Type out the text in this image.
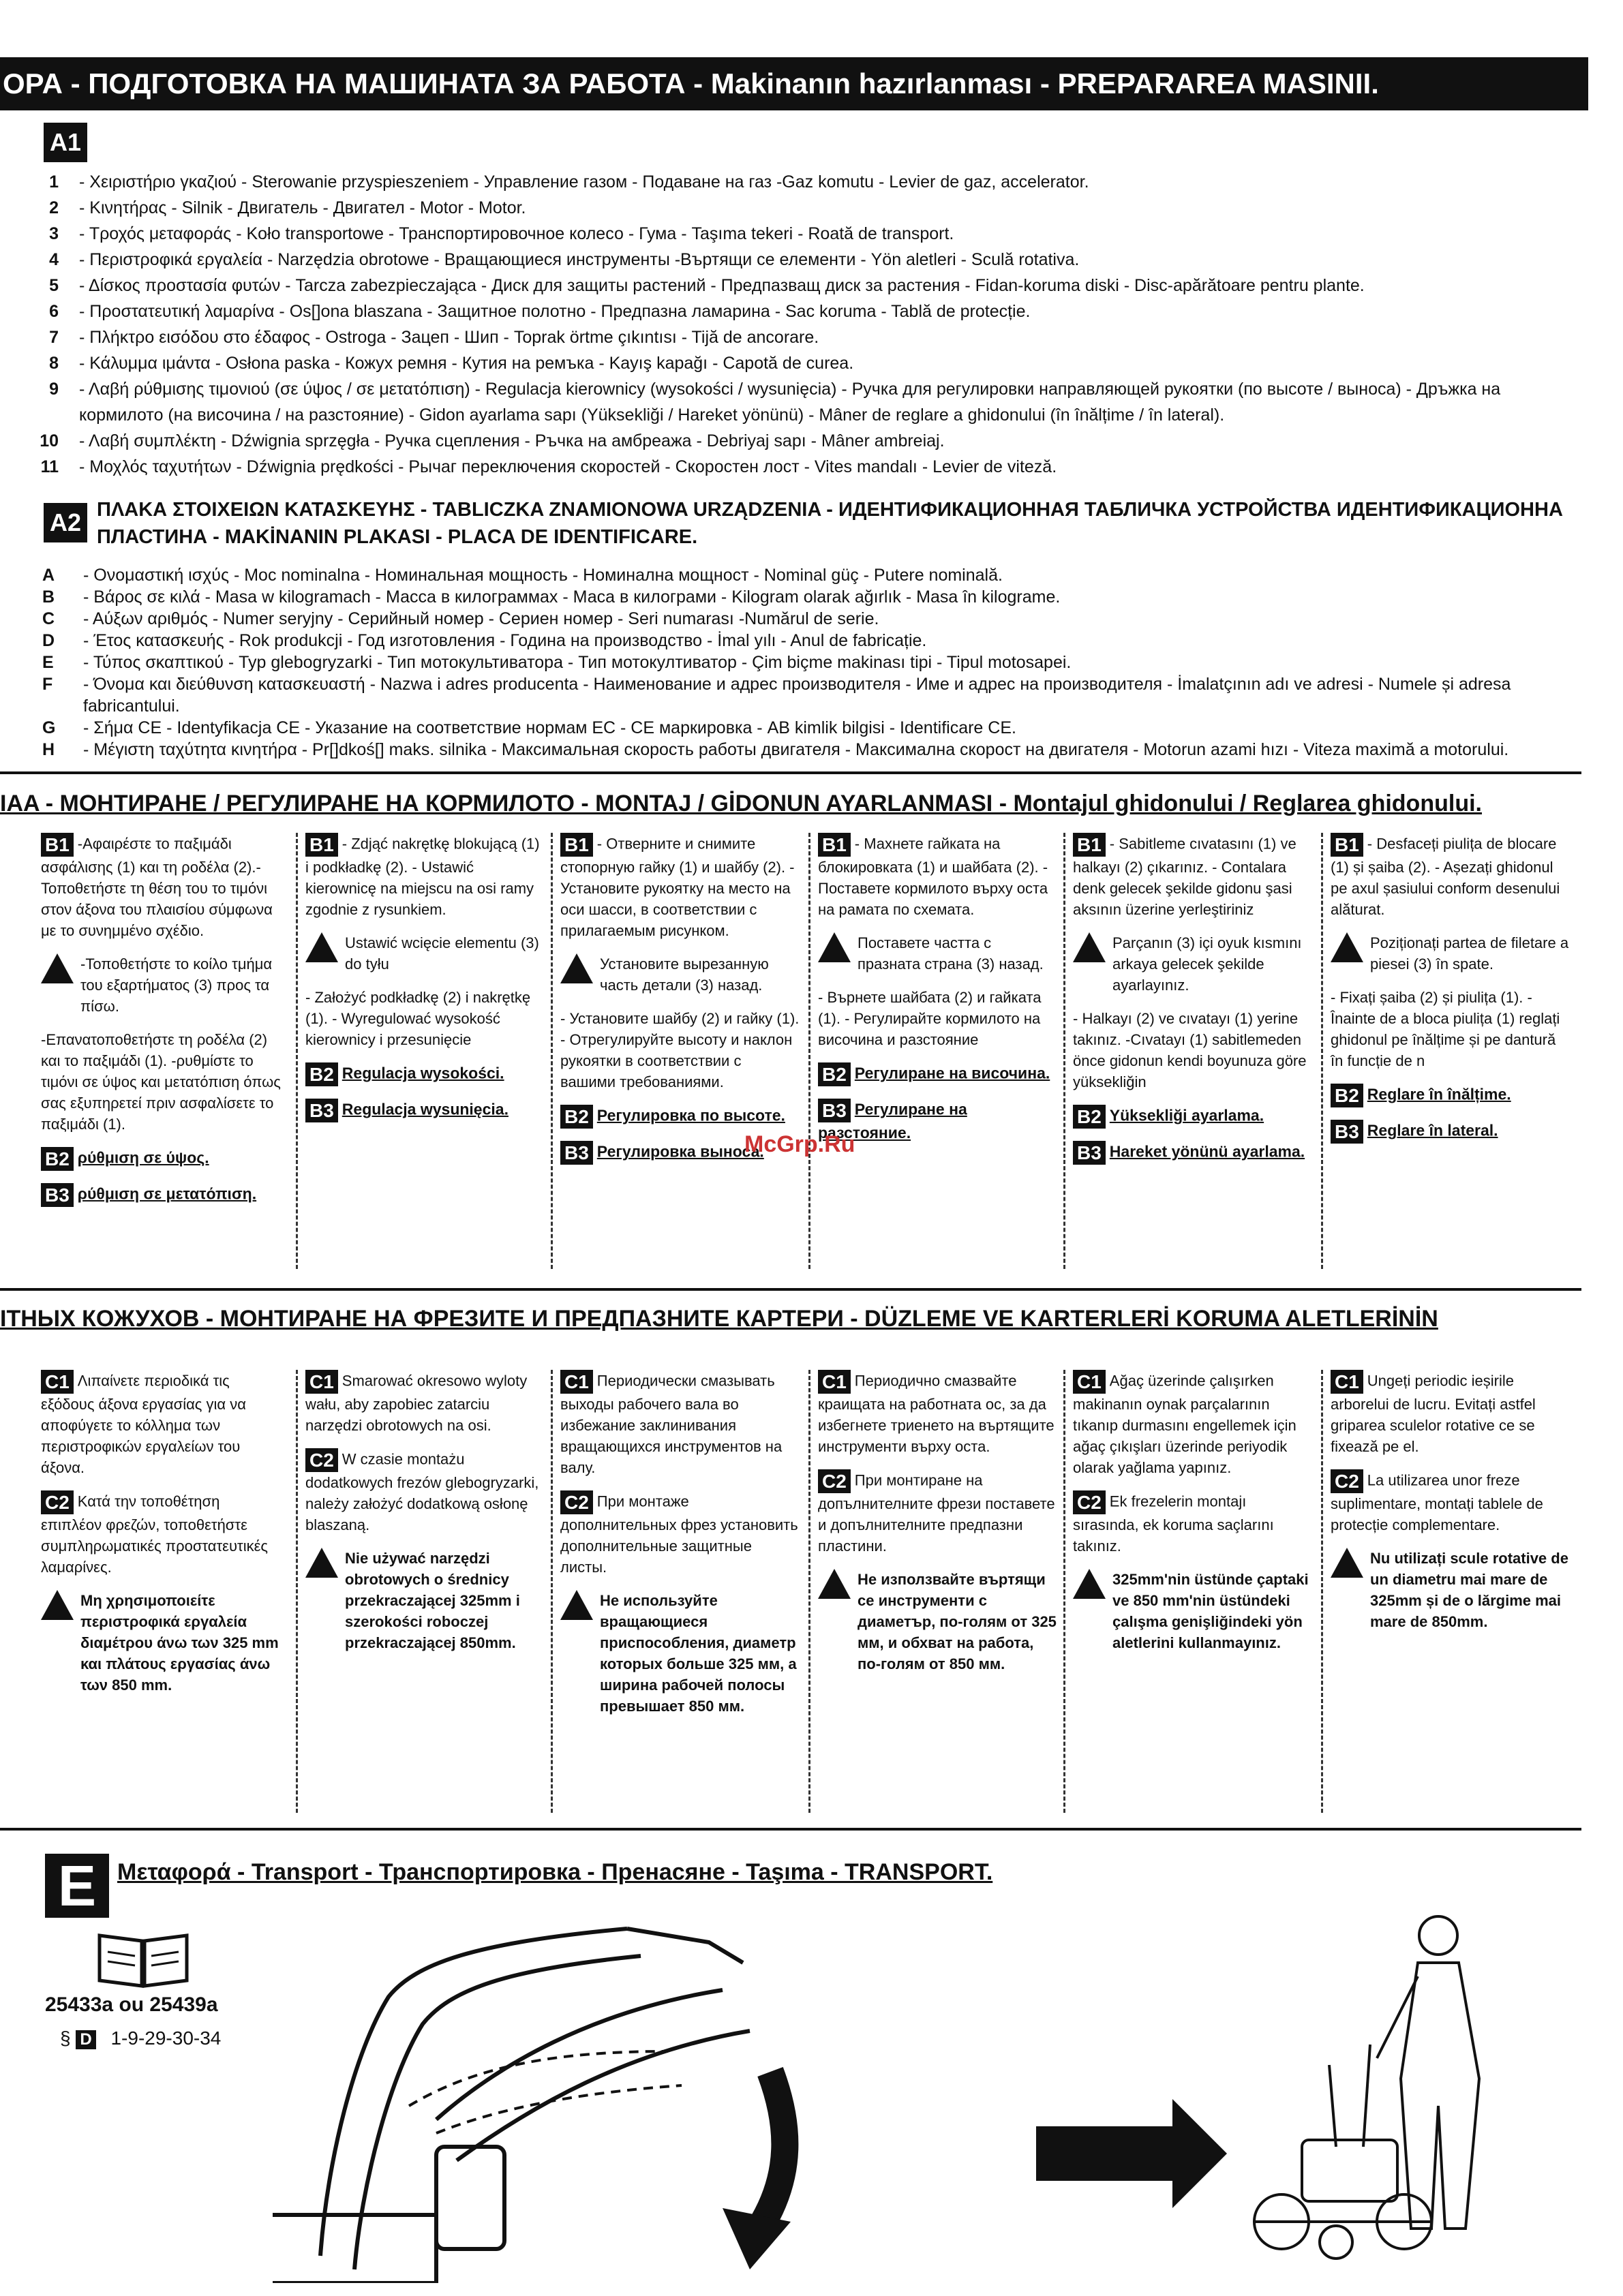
ΟΡΑ - ПОДГОТОВКА НА МАШИНАТА ЗА РАБОТА - Makinanın hazırlanması - PREPARAREA MASINII.
A1
1	- Χειριστήριο γκαζιού - Sterowanie przyspieszeniem - Управление газом - Подаване на газ -Gaz komutu - Levier de gaz, accelerator.
2	- Κινητήρας - Silnik - Двигатель - Двигател - Motor - Motor.
3	- Τροχός μεταφοράς - Koło transportowe - Транспортировочное колесо - Гума - Taşıma tekeri - Roată de transport.
4	- Περιστροφικά εργαλεία - Narzędzia obrotowe - Вращающиеся инструменты -Въртящи се елементи - Yön aletleri - Sculă rotativa.
5	- Δίσκος προστασία φυτών - Tarcza zabezpieczająca - Диск для защиты растений - Предпазващ диск за растения - Fidan-koruma diski - Disc-apărătoare pentru plante.
6	- Προστατευτική λαμαρίνα - Os[]ona blaszana - Защитное полотно - Предпазна ламарина - Sac koruma - Tablă de protecție.
7	- Πλήκτρο εισόδου στο έδαφος - Ostroga - Зацеп - Шип - Toprak örtme çıkıntısı - Tijă de ancorare.
8	- Κάλυμμα ιμάντα - Osłona paska - Кожух ремня - Кутия на ремъка - Kayış kapağı - Capotă de curea.
9	- Λαβή ρύθμισης τιμονιού (σε ύψος / σε μετατόπιση) - Regulacja kierownicy (wysokości / wysunięcia) - Ручка для регулировки направляющей рукоятки (по высоте / выноса) - Дръжка на кормилото (на височина / на разстояние) - Gidon ayarlama sapı (Yüksekliği / Hareket yönünü) - Mâner de reglare a ghidonului (în înălțime / în lateral).
10	- Λαβή συμπλέκτη - Dźwignia sprzęgła - Ручка сцепления - Ръчка на амбреажа - Debriyaj sapı - Mâner ambreiaj.
11	- Μοχλός ταχυτήτων - Dźwignia prędkości - Рычаг переключения скоростей - Скоростен лост - Vites mandalı - Levier de viteză.
A2 ΠΛΑΚΑ ΣΤΟΙΧΕΙΩΝ ΚΑΤΑΣΚΕΥΗΣ - TABLICZKA ZNAMIONOWA URZĄDZENIA - ИДЕНТИФИКАЦИОННАЯ ТАБЛИЧКА УСТРОЙСТВА ИДЕНТИФИКАЦИОННА ПЛАСТИНА - MAKİNANIN PLAKASI - PLACA DE IDENTIFICARE.
A	- Ονομαστική ισχύς - Moc nominalna - Номинальная мощность - Номинална мощност - Nominal güç - Putere nominală.
B	- Βάρος σε κιλά - Masa w kilogramach - Масса в килограммах - Маса в килограми - Kilogram olarak ağırlık - Masa în kilograme.
C	- Αύξων αριθμός - Numer seryjny - Серийный номер - Сериен номер - Seri numarası -Numărul de serie.
D	- Έτος κατασκευής - Rok produkcji - Год изготовления - Година на производство - İmal yılı - Anul de fabricație.
E	- Τύπος σκαπτικού - Typ glebogryzarki - Тип мотокультиватора - Тип мотокултиватор - Çim biçme makinası tipi - Tipul motosapei.
F	- Όνομα και διεύθυνση κατασκευαστή - Nazwa i adres producenta - Наименование и адрес производителя - Име и адрес на производителя - İmalatçının adı ve adresi - Numele și adresa fabricantului.
G	- Σήμα CE - Identyfikacja CE - Указание на соответствие нормам ЕС - CE маркировка - AB kimlik bilgisi - Identificare CE.
H	- Μέγιστη ταχύτητα κινητήρα - Pr[]dkoś[] maks. silnika - Максимальная скорость работы двигателя - Максимална скорост на двигателя - Motorun azami hızı - Viteza maximă a motorului.
IAA - МОНТИРАНЕ / РЕГУЛИРАНЕ НА КОРМИЛОТО - MONTAJ / GİDONUN AYARLANMASI - Montajul ghidonului / Reglarea ghidonului.
B1 -Αφαιρέστε το παξιμάδι ασφάλισης (1) και τη ροδέλα (2).- Τοποθετήστε τη θέση του το τιμόνι στον άξονα του πλαισίου σύμφωνα με το συνημμένο σχέδιο.
-Τοποθετήστε το κοίλο τμήμα του εξαρτήματος (3) προς τα πίσω.
-Επανατοποθετήστε τη ροδέλα (2) και το παξιμάδι (1). -ρυθμίστε το τιμόνι σε ύψος και μετατόπιση όπως σας εξυπηρετεί πριν ασφαλίσετε το παξιμάδι (1).
B2 ρύθμιση σε ύψος.
B3 ρύθμιση σε μετατόπιση.
B1 - Zdjąć nakrętkę blokującą (1) i podkładkę (2). - Ustawić kierownicę na miejscu na osi ramy zgodnie z rysunkiem.
Ustawić wcięcie elementu (3) do tyłu
- Założyć podkładkę (2) i nakrętkę (1). - Wyregulować wysokość kierownicy i przesunięcie
B2 Regulacja wysokości.
B3 Regulacja wysunięcia.
B1 - Отверните и снимите стопорную гайку (1) и шайбу (2). - Установите рукоятку на место на оси шасси, в соответствии с прилагаемым рисунком.
Установите вырезанную часть детали (3) назад.
- Установите шайбу (2) и гайку (1). - Отрегулируйте высоту и наклон рукоятки в соответствии с вашими требованиями.
B2 Регулировка по высоте.
B3 Регулировка выноса.
B1 - Махнете гайката на блокировката (1) и шайбата (2). - Поставете кормилото върху оста на рамата по схемата.
Поставете частта с празната страна (3) назад.
- Върнете шайбата (2) и гайката (1). - Регулирайте кормилото на височина и разстояние
B2 Регулиране на височина.
B3 Регулиране на разстояние.
B1 - Sabitleme cıvatasını (1) ve halkayı (2) çıkarınız. - Contalara denk gelecek şekilde gidonu şasi aksının üzerine yerleştiriniz
Parçanın (3) içi oyuk kısmını arkaya gelecek şekilde ayarlayınız.
- Halkayı (2) ve cıvatayı (1) yerine takınız. -Cıvatayı (1) sabitlemeden önce gidonun kendi boyunuza göre yüksekliğin
B2 Yüksekliği ayarlama.
B3 Hareket yönünü ayarlama.
B1 - Desfaceți piulița de blocare (1) și șaiba (2). - Așezați ghidonul pe axul șasiului conform desenului alăturat.
Poziționați partea de filetare a piesei (3) în spate.
- Fixați șaiba (2) și piulița (1). - Înainte de a bloca piulița (1) reglați ghidonul pe înălțime și pe dantură în funcție de n
B2 Reglare în înălțime.
B3 Reglare în lateral.
ITHЫХ КОЖУХОВ - МОНТИРАНЕ НА ФРЕЗИТЕ И ПРЕДПАЗНИТЕ КАРТЕРИ - DÜZLEME VE KARTERLERİ KORUMA ALETLERİNİN
C1 Λιπαίνετε περιοδικά τις εξόδους άξονα εργασίας για να αποφύγετε το κόλλημα των περιστροφικών εργαλείων του άξονα.
C2 Κατά την τοποθέτηση επιπλέον φρεζών, τοποθετήστε συμπληρωματικές προστατευτικές λαμαρίνες.
Μη χρησιμοποιείτε περιστροφικά εργαλεία διαμέτρου άνω των 325 mm και πλάτους εργασίας άνω των 850 mm.
C1 Smarować okresowo wyloty wału, aby zapobiec zatarciu narzędzi obrotowych na osi.
C2 W czasie montażu dodatkowych frezów glebogryzarki, należy założyć dodatkową osłonę blaszaną.
Nie używać narzędzi obrotowych o średnicy przekraczającej 325mm i szerokości roboczej przekraczającej 850mm.
C1 Периодически смазывать выходы рабочего вала во избежание заклинивания вращающихся инструментов на валу.
C2 При монтаже дополнительных фрез установить дополнительные защитные листы.
Не используйте вращающиеся приспособления, диаметр которых больше 325 мм, а ширина рабочей полосы превышает 850 мм.
C1 Периодично смазвайте краищата на работната ос, за да избегнете триенето на въртящите инструменти върху оста.
C2 При монтиране на допълнителните фрези поставете и допълнителните предпазни пластини.
Не използвайте въртящи се инструменти с диаметър, по-голям от 325 мм, и обхват на работа, по-голям от 850 мм.
C1 Ağaç üzerinde çalışırken makinanın oynak parçalarının tıkanıp durmasını engellemek için ağaç çıkışları üzerinde periyodik olarak yağlama yapınız.
C2 Ek frezelerin montajı sırasında, ek koruma saçlarını takınız.
325mm'nin üstünde çaptaki ve 850 mm'nin üstündeki çalışma genişliğindeki yön aletlerini kullanmayınız.
C1 Ungeți periodic ieșirile arborelui de lucru. Evitați astfel griparea sculelor rotative ce se fixează pe el.
C2 La utilizarea unor freze suplimentare, montați tablele de protecție complementare.
Nu utilizați scule rotative de un diametru mai mare de 325mm și de o lărgime mai mare de 850mm.
E Μεταφορά - Transport - Транспортировка - Пренасяне - Taşıma - TRANSPORT.
25433a ou 25439a
§ D 1-9-29-30-34
McGrp.Ru
